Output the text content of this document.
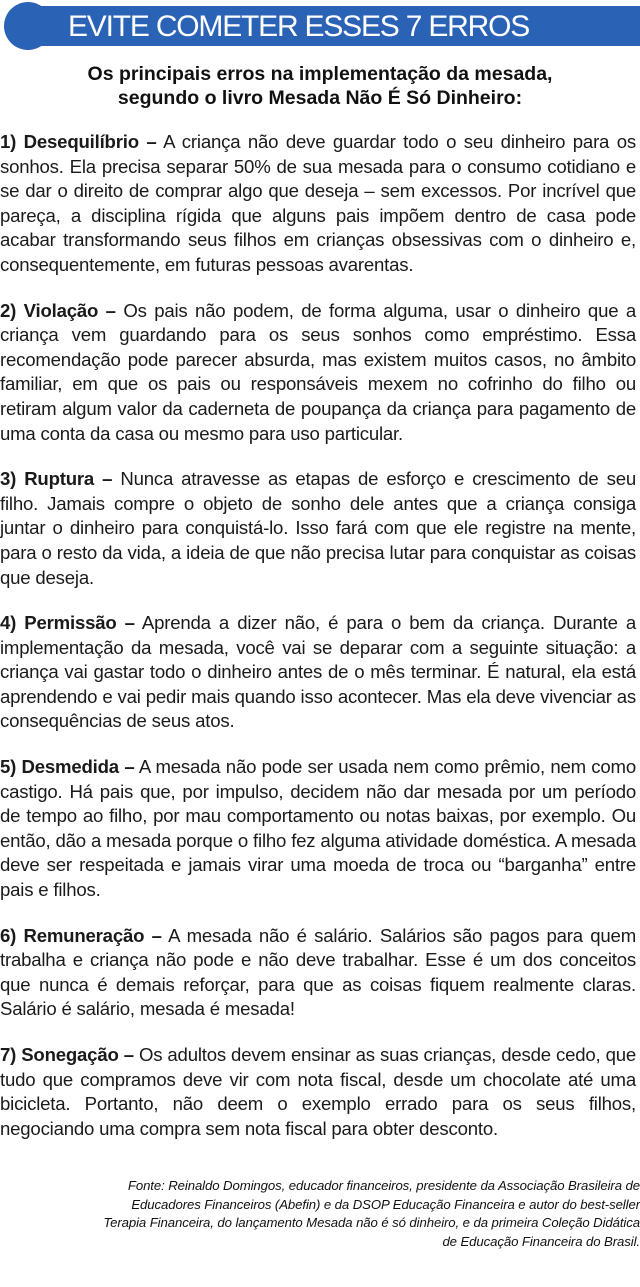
EVITE COMETER ESSES 7 ERROS
Os principais erros na implementação da mesada,
segundo o livro Mesada Não É Só Dinheiro:

1) Desequilíbrio – A criança não deve guardar todo o seu dinheiro para os sonhos. Ela precisa separar 50% de sua mesada para o consumo cotidiano e se dar o direito de comprar algo que deseja – sem excessos. Por incrível que pareça, a disciplina rígida que alguns pais impõem dentro de casa pode acabar transformando seus filhos em crianças obsessivas com o dinheiro e, consequentemente, em futuras pessoas avarentas.

2) Violação – Os pais não podem, de forma alguma, usar o dinheiro que a criança vem guardando para os seus sonhos como empréstimo. Essa recomendação pode parecer absurda, mas existem muitos casos, no âmbito familiar, em que os pais ou responsáveis mexem no cofrinho do filho ou retiram algum valor da caderneta de poupança da criança para pagamento de uma conta da casa ou mesmo para uso particular.

3) Ruptura – Nunca atravesse as etapas de esforço e crescimento de seu filho. Jamais compre o objeto de sonho dele antes que a criança consiga juntar o dinheiro para conquistá-lo. Isso fará com que ele registre na mente, para o resto da vida, a ideia de que não precisa lutar para conquistar as coisas que deseja.

4) Permissão – Aprenda a dizer não, é para o bem da criança. Durante a implementação da mesada, você vai se deparar com a seguinte situação: a criança vai gastar todo o dinheiro antes de o mês terminar. É natural, ela está aprendendo e vai pedir mais quando isso acontecer. Mas ela deve vivenciar as consequências de seus atos.

5) Desmedida – A mesada não pode ser usada nem como prêmio, nem como castigo. Há pais que, por impulso, decidem não dar mesada por um período de tempo ao filho, por mau comportamento ou notas baixas, por exemplo. Ou então, dão a mesada porque o filho fez alguma atividade doméstica. A mesada deve ser respeitada e jamais virar uma moeda de troca ou “barganha” entre pais e filhos.

6) Remuneração – A mesada não é salário. Salários são pagos para quem trabalha e criança não pode e não deve trabalhar. Esse é um dos conceitos que nunca é demais reforçar, para que as coisas fiquem realmente claras. Salário é salário, mesada é mesada!

7) Sonegação – Os adultos devem ensinar as suas crianças, desde cedo, que tudo que compramos deve vir com nota fiscal, desde um chocolate até uma bicicleta. Portanto, não deem o exemplo errado para os seus filhos, negociando uma compra sem nota fiscal para obter desconto.

Fonte: Reinaldo Domingos, educador financeiros, presidente da Associação Brasileira de
Educadores Financeiros (Abefin) e da DSOP Educação Financeira e autor do best-seller
Terapia Financeira, do lançamento Mesada não é só dinheiro, e da primeira Coleção Didática
de Educação Financeira do Brasil.
